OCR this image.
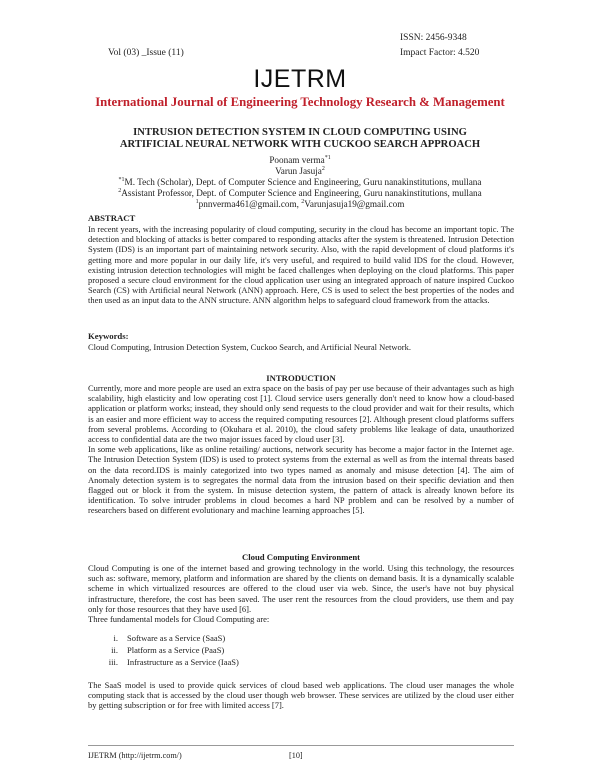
Vol (03) _Issue (11)
ISSN: 2456-9348
Impact Factor: 4.520
IJETRM
International Journal of Engineering Technology Research & Management
INTRUSION DETECTION SYSTEM IN CLOUD COMPUTING USING
ARTIFICIAL NEURAL NETWORK WITH CUCKOO SEARCH APPROACH
Poonam verma$^{*1}$
Varun Jasuja$^2$
$^{*1}$M. Tech (Scholar), Dept. of Computer Science and Engineering, Guru nanakinstitutions, mullana
$^2$Assistant Professor, Dept. of Computer Science and Engineering, Guru nanakinstitutions, mullana
$^1$pnnverma461@gmail.com, $^2$Varunjasuja19@gmail.com
ABSTRACT
In recent years, with the increasing popularity of cloud computing, security in the cloud has become an important topic. The detection and blocking of attacks is better compared to responding attacks after the system is threatened. Intrusion Detection System (IDS) is an important part of maintaining network security. Also, with the rapid development of cloud platforms it's getting more and more popular in our daily life, it's very useful, and required to build valid IDS for the cloud. However, existing intrusion detection technologies will might be faced challenges when deploying on the cloud platforms. This paper proposed a secure cloud environment for the cloud application user using an integrated approach of nature inspired Cuckoo Search (CS) with Artificial neural Network (ANN) approach. Here, CS is used to select the best properties of the nodes and then used as an input data to the ANN structure. ANN algorithm helps to safeguard cloud framework from the attacks.
Keywords:
Cloud Computing, Intrusion Detection System, Cuckoo Search, and Artificial Neural Network.
INTRODUCTION

Currently, more and more people are used an extra space on the basis of pay per use because of their advantages such as high scalability, high elasticity and low operating cost [1]. Cloud service users generally don't need to know how a cloud-based application or platform works; instead, they should only send requests to the cloud provider and wait for their results, which is an easier and more efficient way to access the required computing resources [2]. Although present cloud platforms suffers from several problems. According to (Okuhara et al. 2010), the cloud safety problems like leakage of data, unauthorized access to confidential data are the two major issues faced by cloud user [3].

In some web applications, like as online retailing/ auctions, network security has become a major factor in the Internet age. The Intrusion Detection System (IDS) is used to protect systems from the external as well as from the internal threats based on the data record.IDS is mainly categorized into two types named as anomaly and misuse detection [4]. The aim of Anomaly detection system is to segregates the normal data from the intrusion based on their specific deviation and then flagged out or block it from the system. In misuse detection system, the pattern of attack is already known before its identification. To solve intruder problems in cloud becomes a hard NP problem and can be resolved by a number of researchers based on different evolutionary and machine learning approaches [5].

Cloud Computing Environment

Cloud Computing is one of the internet based and growing technology in the world. Using this technology, the resources such as: software, memory, platform and information are shared by the clients on demand basis. It is a dynamically scalable scheme in which virtualized resources are offered to the cloud user via web. Since, the user's have not buy physical infrastructure, therefore, the cost has been saved. The user rent the resources from the cloud providers, use them and pay only for those resources that they have used [6].

Three fundamental models for Cloud Computing are:

i. Software as a Service (SaaS)
ii. Platform as a Service (PaaS)
iii. Infrastructure as a Service (IaaS)
The SaaS model is used to provide quick services of cloud based web applications. The cloud user manages the whole computing stack that is accessed by the cloud user though web browser. These services are utilized by the cloud user either by getting subscription or for free with limited access [7].
IJETRM (http://ijetrm.com/)	[10]
